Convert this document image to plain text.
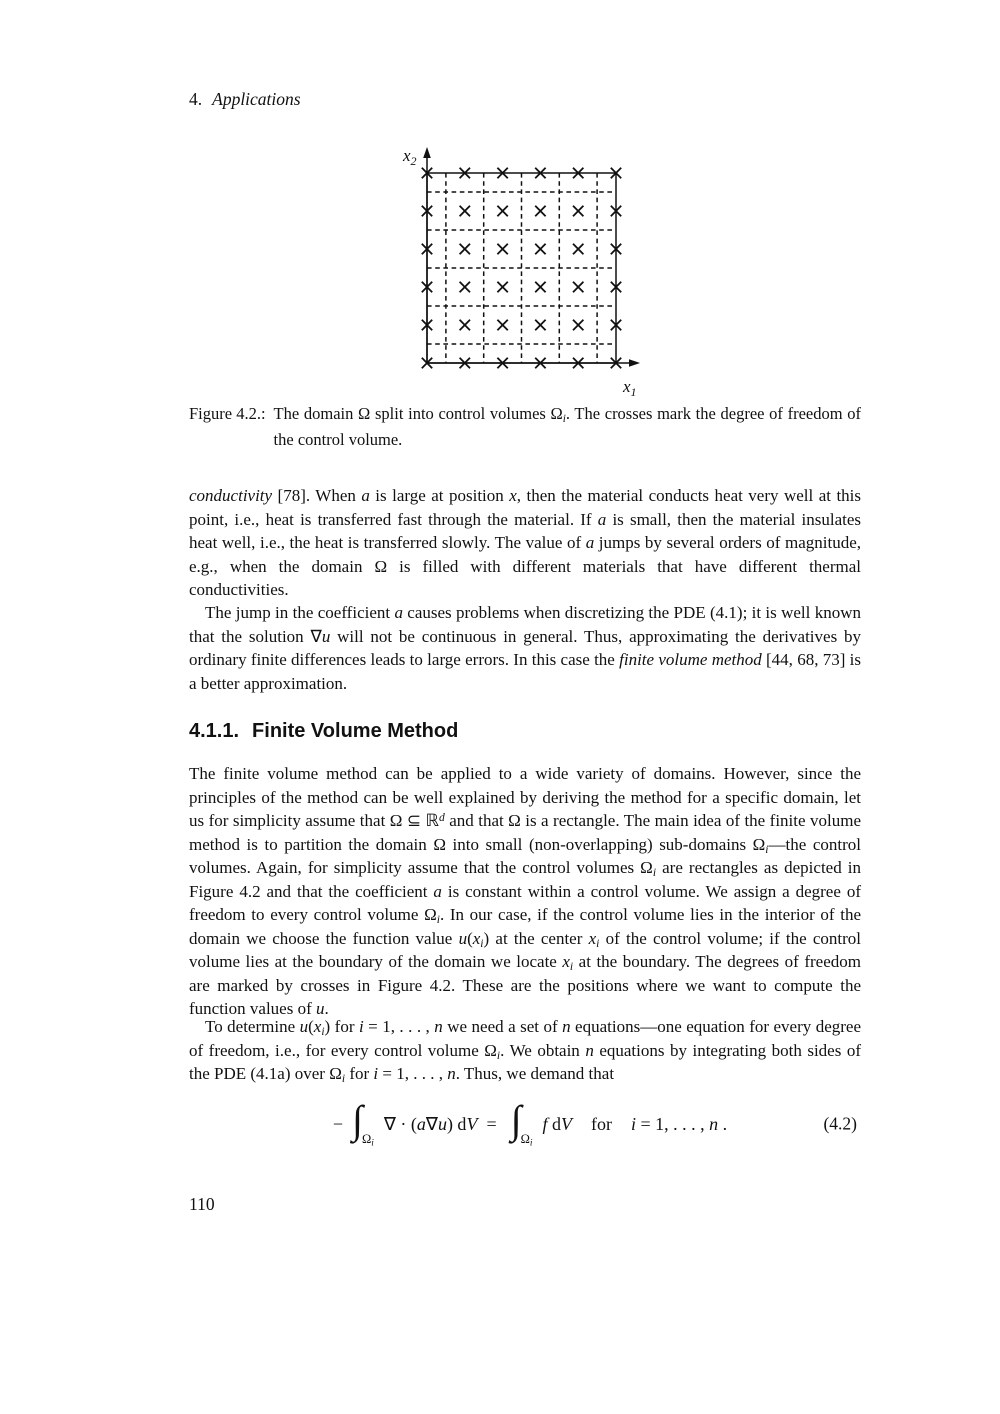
4. Applications
$x_2$
$x_1$
Figure 4.2.: The domain Ω split into control volumes $\Omega_i$. The crosses mark the degree of freedom of the control volume.

conductivity [78]. When a is large at position x, then the material conducts heat very well at this point, i.e., heat is transferred fast through the material. If a is small, then the material insulates heat well, i.e., the heat is transferred slowly. The value of a jumps by several orders of magnitude, e.g., when the domain Ω is filled with different materials that have different thermal conductivities.

The jump in the coefficient a causes problems when discretizing the PDE (4.1); it is well known that the solution ∇u will not be continuous in general. Thus, approximating the derivatives by ordinary finite differences leads to large errors. In this case the finite volume method [44, 68, 73] is a better approximation.

4.1.1. Finite Volume Method

The finite volume method can be applied to a wide variety of domains. However, since the principles of the method can be well explained by deriving the method for a specific domain, let us for simplicity assume that Ω ⊆ ℝ$^d$ and that Ω is a rectangle. The main idea of the finite volume method is to partition the domain Ω into small (non-overlapping) sub-domains $\Omega_i—the$ control volumes. Again, for simplicity assume that the control volumes $\Omega_i$ are rectangles as depicted in Figure 4.2 and that the coefficient a is constant within a control volume. We assign a degree of freedom to every control volume $\Omega_i$. In our case, if the control volume lies in the interior of the domain we choose the function value $u(x_i)$ at the center $x_i$ of the control volume; if the control volume lies at the boundary of the domain we locate $x_i$ at the boundary. The degrees of freedom are marked by crosses in Figure 4.2. These are the positions where we want to compute the function values of u.

To determine $u(x_i)$ for i = 1, . . . , n we need a set of n equations—one equation for every degree of freedom, i.e., for every control volume $\Omega_i$. We obtain n equations by integrating both sides of the PDE (4.1a) over $\Omega_i$ for i = 1, . . . , n. Thus, we demand that

− ∫ $\Omega_i$
∇ · (a∇u) dV = ∫ $\Omega_i$
f dV for i = 1, . . . , n .	(4.2)
110
